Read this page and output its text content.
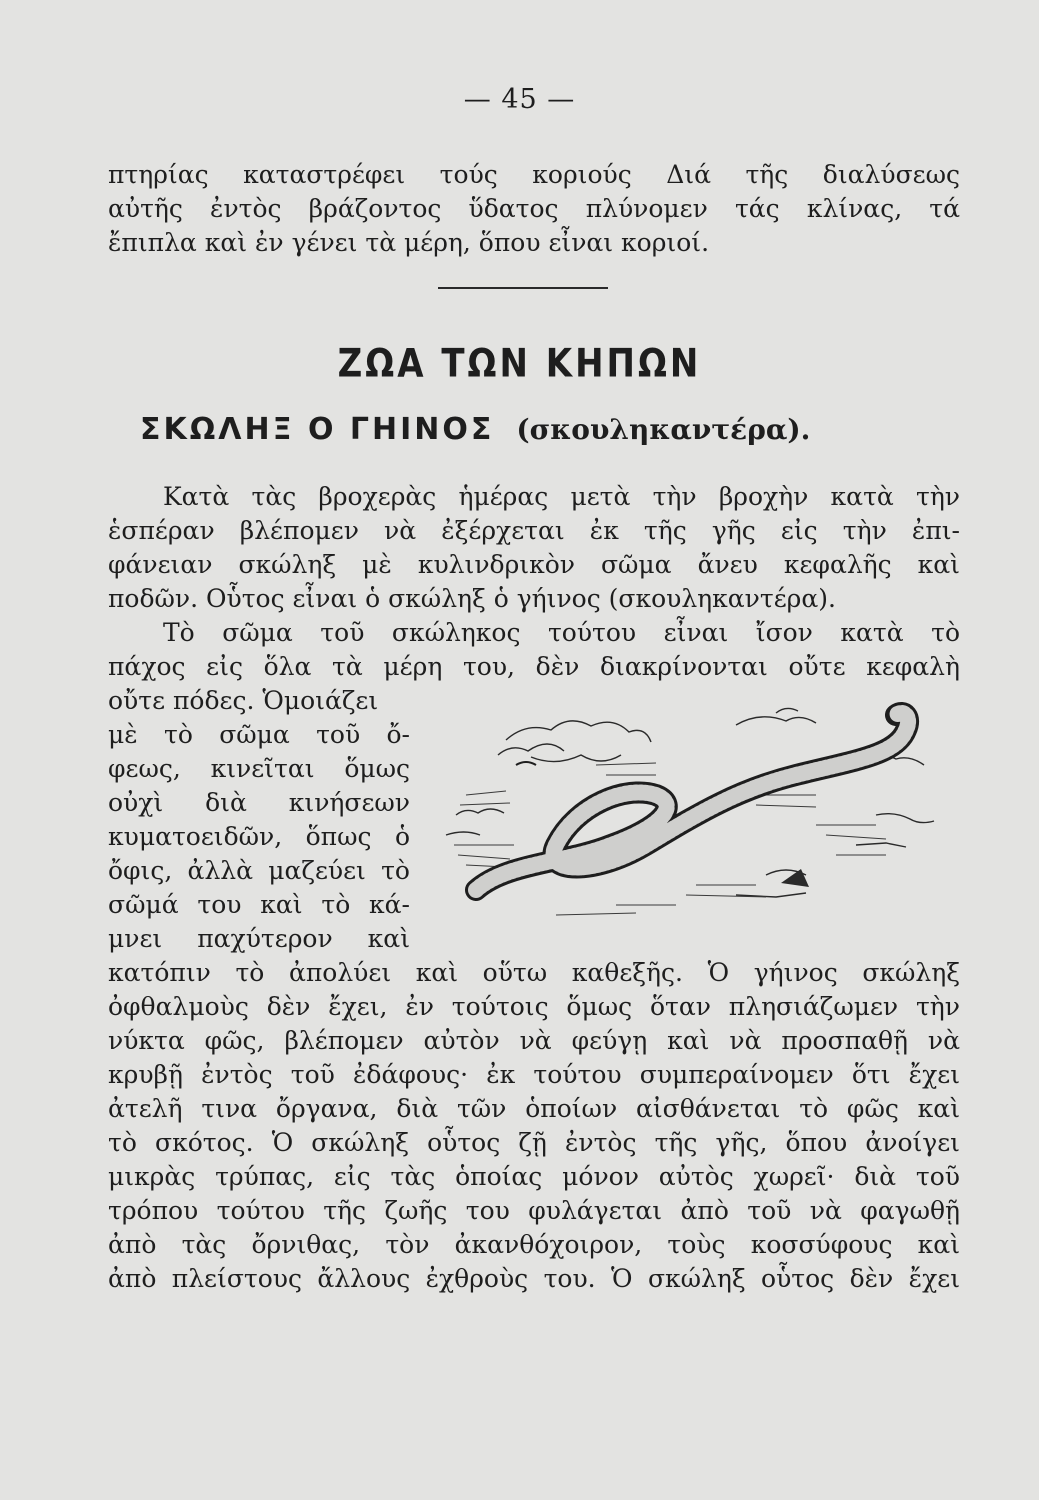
— 45 —
πτηρίας καταστρέφει τούς κοριούς Διά τῆς διαλύσεως
αὐτῆς ἐντὸς βράζοντος ὕδατος πλύνομεν τάς κλίνας, τά
ἔπιπλα καὶ ἐν γένει τὰ μέρη, ὅπου εἶναι κοριοί.
ΖΩΑ ΤΩΝ ΚΗΠΩΝ
ΣΚΩΛΗΞ Ο ΓΗΙΝΟΣ (σκουληκαντέρα).
Κατὰ τὰς βροχερὰς ἡμέρας μετὰ τὴν βροχὴν κατὰ τὴν
ἑσπέραν βλέπομεν νὰ ἐξέρχεται ἐκ τῆς γῆς εἰς τὴν ἐπι-
φάνειαν σκώληξ μὲ κυλινδρικὸν σῶμα ἄνευ κεφαλῆς καὶ
ποδῶν. Οὗτος εἶναι ὁ σκώληξ ὁ γήινος (σκουληκαντέρα).
Τὸ σῶμα τοῦ σκώληκος τούτου εἶναι ἴσον κατὰ τὸ
πάχος εἰς ὅλα τὰ μέρη του, δὲν διακρίνονται οὔτε κεφαλὴ
οὔτε πόδες. Ὁμοιάζει
μὲ τὸ σῶμα τοῦ ὄ-
φεως, κινεῖται ὅμως
οὐχὶ διὰ κινήσεων
κυματοειδῶν, ὅπως ὁ
ὄφις, ἀλλὰ μαζεύει τὸ
σῶμά του καὶ τὸ κά-
μνει παχύτερον καὶ
κατόπιν τὸ ἀπολύει καὶ οὕτω καθεξῆς. Ὁ γήινος σκώληξ
ὀφθαλμοὺς δὲν ἔχει, ἐν τούτοις ὅμως ὅταν πλησιάζωμεν τὴν
νύκτα φῶς, βλέπομεν αὐτὸν νὰ φεύγῃ καὶ νὰ προσπαθῇ νὰ
κρυβῇ ἐντὸς τοῦ ἐδάφους· ἐκ τούτου συμπεραίνομεν ὅτι ἔχει
ἀτελῆ τινα ὄργανα, διὰ τῶν ὁποίων αἰσθάνεται τὸ φῶς καὶ
τὸ σκότος. Ὁ σκώληξ οὗτος ζῇ ἐντὸς τῆς γῆς, ὅπου ἀνοίγει
μικρὰς τρύπας, εἰς τὰς ὁποίας μόνον αὐτὸς χωρεῖ· διὰ τοῦ
τρόπου τούτου τῆς ζωῆς του φυλάγεται ἀπὸ τοῦ νὰ φαγωθῇ
ἀπὸ τὰς ὄρνιθας, τὸν ἀκανθόχοιρον, τοὺς κοσσύφους καὶ
ἀπὸ πλείστους ἄλλους ἐχθροὺς του. Ὁ σκώληξ οὗτος δὲν ἔχει
